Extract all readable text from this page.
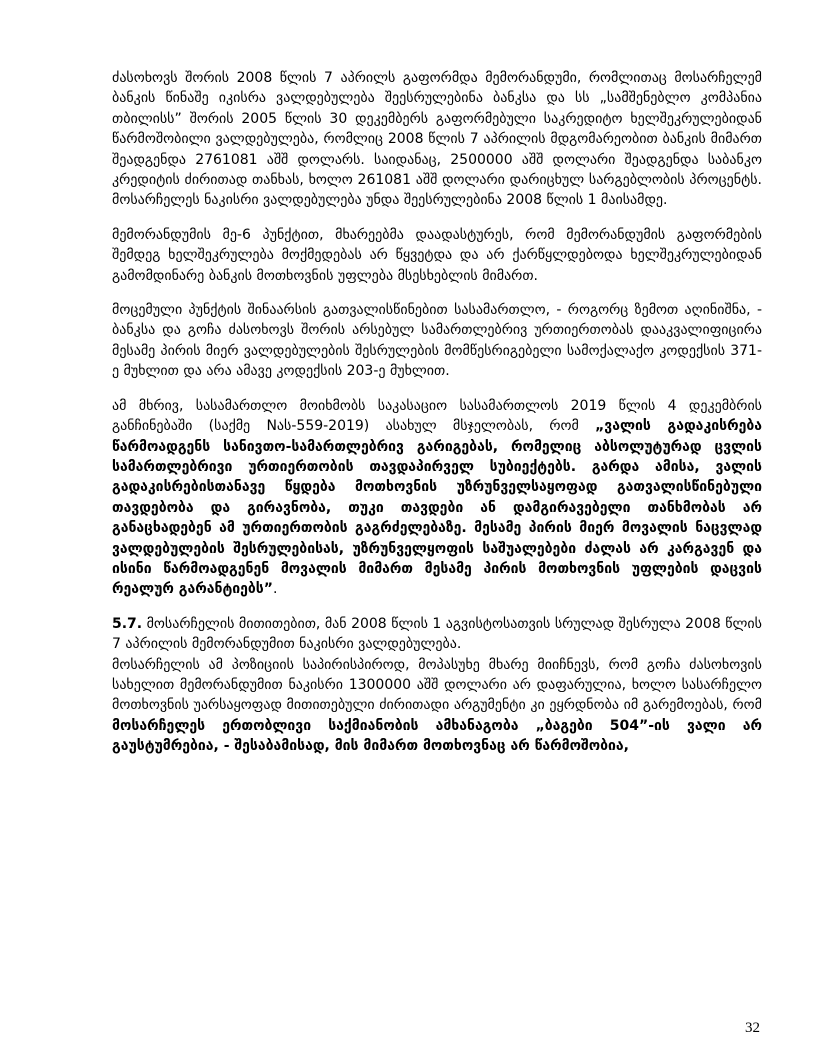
ძასოხოვს შორის 2008 წლის 7 აპრილს გაფორმდა მემორანდუმი, რომლითაც მოსარჩელემ ბანკის წინაშე იკისრა ვალდებულება შეესრულებინა ბანკსა და სს „სამშენებლო კომპანია თბილისს” შორის 2005 წლის 30 დეკემბერს გაფორმებული საკრედიტო ხელშეკრულებიდან წარმოშობილი ვალდებულება, რომლიც 2008 წლის 7 აპრილის მდგომარეობით ბანკის მიმართ შეადგენდა 2761081 აშშ დოლარს. საიდანაც, 2500000 აშშ დოლარი შეადგენდა საბანკო კრედიტის ძირითად თანხას, ხოლო 261081 აშშ დოლარი დარიცხულ სარგებლობის პროცენტს. მოსარჩელეს ნაკისრი ვალდებულება უნდა შეესრულებინა 2008 წლის 1 მაისამდე.

მემორანდუმის მე-6 პუნქტით, მხარეებმა დაადასტურეს, რომ მემორანდუმის გაფორმების შემდეგ ხელშეკრულება მოქმედებას არ წყვეტდა და არ ქარწყლდებოდა ხელშეკრულებიდან გამომდინარე ბანკის მოთხოვნის უფლება მსესხებლის მიმართ.

მოცემული პუნქტის შინაარსის გათვალისწინებით სასამართლო, - როგორც ზემოთ აღინიშნა, - ბანკსა და გოჩა ძასოხოვს შორის არსებულ სამართლებრივ ურთიერთობას დააკვალიფიცირა მესამე პირის მიერ ვალდებულების შესრულების მომწესრიგებელი სამოქალაქო კოდექსის 371-ე მუხლით და არა ამავე კოდექსის 203-ე მუხლით.

ამ მხრივ, სასამართლო მოიხმობს საკასაციო სასამართლოს 2019 წლის 4 დეკემბრის განჩინებაში (საქმე Nას-559-2019) ასახულ მსჯელობას, რომ „ვალის გადაკისრება წარმოადგენს სანივთო-სამართლებრივ გარიგებას, რომელიც აბსოლუტურად ცვლის სამართლებრივი ურთიერთობის თავდაპირველ სუბიექტებს. გარდა ამისა, ვალის გადაკისრებისთანავე წყდება მოთხოვნის უზრუნველსაყოფად გათვალისწინებული თავდებობა და გირავნობა, თუკი თავდები ან დამგირავებელი თანხმობას არ განაცხადებენ ამ ურთიერთობის გაგრძელებაზე. მესამე პირის მიერ მოვალის ნაცვლად ვალდებულების შესრულებისას, უზრუნველყოფის საშუალებები ძალას არ კარგავენ და ისინი წარმოადგენენ მოვალის მიმართ მესამე პირის მოთხოვნის უფლების დაცვის რეალურ გარანტიებს”.

5.7. მოსარჩელის მითითებით, მან 2008 წლის 1 აგვისტოსათვის სრულად შესრულა 2008 წლის 7 აპრილის მემორანდუმით ნაკისრი ვალდებულება.

მოსარჩელის ამ პოზიციის საპირისპიროდ, მოპასუხე მხარე მიიჩნევს, რომ გოჩა ძასოხოვის სახელით მემორანდუმით ნაკისრი 1300000 აშშ დოლარი არ დაფარულია, ხოლო სასარჩელო მოთხოვნის უარსაყოფად მითითებული ძირითადი არგუმენტი კი ეყრდნობა იმ გარემოებას, რომ მოსარჩელეს ერთობლივი საქმიანობის ამხანაგობა „ბაგები 504”-ის ვალი არ გაუსტუმრებია, - შესაბამისად, მის მიმართ მოთხოვნაც არ წარმოშობია,

32
